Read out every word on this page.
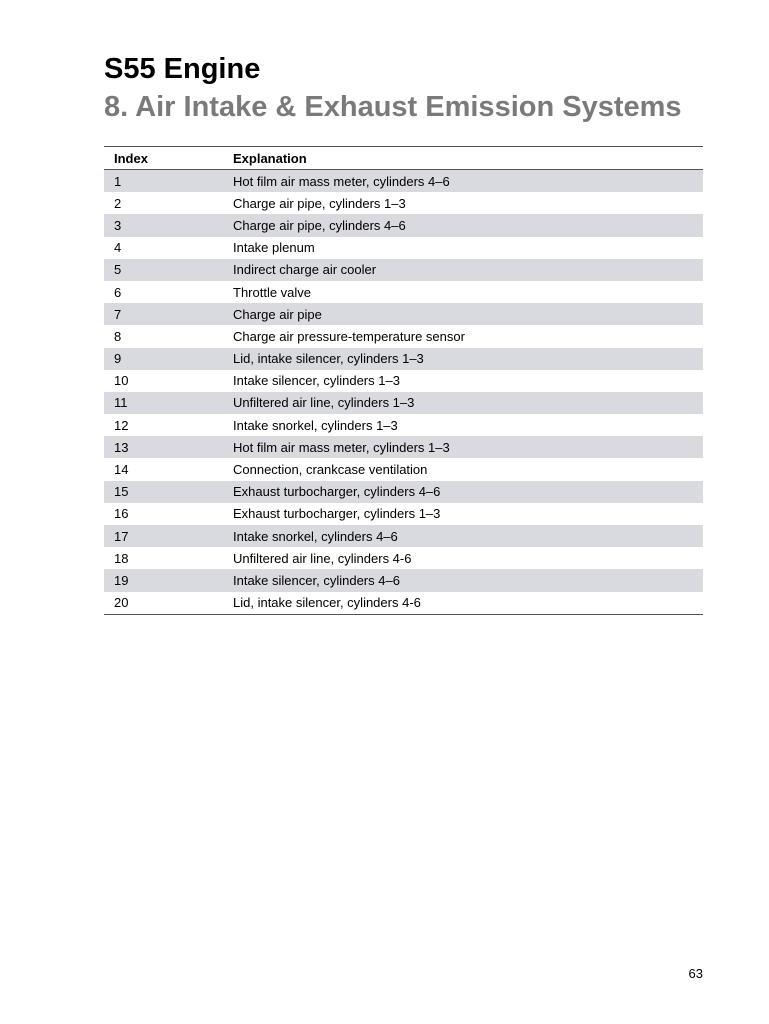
S55 Engine
8. Air Intake & Exhaust Emission Systems
Index	Explanation
1	Hot film air mass meter, cylinders 4–6
2	Charge air pipe, cylinders 1–3
3	Charge air pipe, cylinders 4–6
4	Intake plenum
5	Indirect charge air cooler
6	Throttle valve
7	Charge air pipe
8	Charge air pressure-temperature sensor
9	Lid, intake silencer, cylinders 1–3
10	Intake silencer, cylinders 1–3
11	Unfiltered air line, cylinders 1–3
12	Intake snorkel, cylinders 1–3
13	Hot film air mass meter, cylinders 1–3
14	Connection, crankcase ventilation
15	Exhaust turbocharger, cylinders 4–6
16	Exhaust turbocharger, cylinders 1–3
17	Intake snorkel, cylinders 4–6
18	Unfiltered air line, cylinders 4-6
19	Intake silencer, cylinders 4–6
20	Lid, intake silencer, cylinders 4-6
63
